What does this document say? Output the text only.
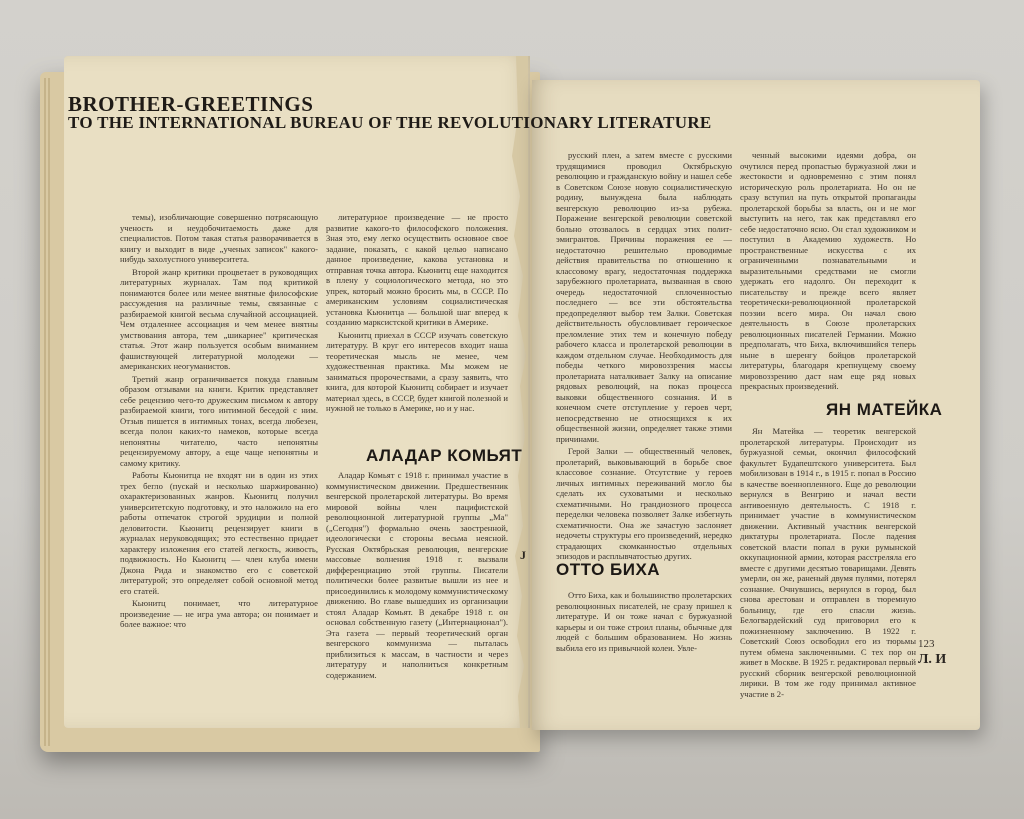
BROTHER-GREETINGS
TO THE INTERNATIONAL BUREAU OF THE REVOLUTIONARY LITERATURE

темы), изобличающие совершенно потрясающую ученость и неудобочитаемость даже для специалистов. Потом такая статья разворачивается в книгу и выходит в виде „ученых записок" какого-нибудь захолустного университета.

Второй жанр критики процветает в руководящих литературных журналах. Там под критикой понимаются более или менее внятные философские рассуждения на различные темы, связанные с разбираемой книгой весьма случайной ассоциацией. Чем отдаленнее ассоциация и чем менее внятны умствования автора, тем „шикарнее" критическая статья. Этот жанр пользуется особым вниманием фашиствующей литературной молодежи — американских неогуманистов.

Третий жанр ограничивается покуда главным образом отзывами на книги. Критик представляет себе рецензию чего-то дружеским письмом к автору разбираемой книги, того интимной беседой с ним. Отзыв пишется в интимных тонах, всегда любезен, всегда полон каких-то намеков, которые всегда непонятны читателю, часто непонятны рецензируемому автору, а еще чаще непонятны и самому критику.

Работы Кьюнитца не входят ни в один из этих трех бегло (пускай и несколько шаржированно) охарактеризованных жанров. Кьюнитц получил университетскую подготовку, и это наложило на его работы отпечаток строгой эрудиции и полной деловитости. Кьюнитц рецензирует книги в журналах неруководящих; это естественно придает характеру изложения его статей легкость, живость, подвижность. Но Кьюнитц — член клуба имени Джона Рида и знакомство его с советской литературой; это определяет собой основной метод его статей.

Кьюнитц понимает, что литературное произведение — не игра ума автора; он понимает и более важное: что

литературное произведение — не просто развитие какого-то философского положения. Зная это, ему легко осуществить основное свое задание, показать, с какой целью написано данное произведение, какова установка и отправная точка автора. Кьюнитц еще находится в плену у социологического метода, но это упрек, который можно бросить мы, в СССР. По американским условиям социалистическая установка Кьюнитца — большой шаг вперед к созданию марксистской критики в Америке.

Кьюнитц приехал в СССР изучать советскую литературу. В круг его интересов входит наша теоретическая мысль не менее, чем художественная практика. Мы можем не заниматься пророчествами, а сразу заявить, что книга, для которой Кьюнитц собирает и изучает материал здесь, в СССР, будет книгой полезной и нужной не только в Америке, но и у нас.

АЛАДАР КОМЬЯТ

Аладар Комьят с 1918 г. принимал участие в коммунистическом движении. Предшественник венгерской пролетарской литературы. Во время мировой войны член пацифистской революционной литературной группы „Ма" („Сегодня") формально очень заостренной, идеологически с стороны весьма неясной. Русская Октябрьская революция, венгерские массовые волнения 1918 г. вызвали дифференциацию этой группы. Писатели политически более развитые вышли из нее и присоединились к молодому коммунистическому движению. Во главе вышедших из организации стоял Аладар Комьят. В декабре 1918 г. он основал собственную газету („Интернационал"). Эта газета — первый теоретический орган венгерского коммунизма — пыталась приблизиться к массам, в частности и через литературу и наполниться конкретным содержанием.

русский плен, а затем вместе с русскими трудящимися проводил Октябрьскую революцию и гражданскую войну и нашел себе в Советском Союзе новую социалистическую родину, вынуждена была наблюдать венгерскую революцию из-за рубежа. Поражение венгерской революции советской больно отозвалось в сердцах этих полит-эмигрантов. Причины поражения ее — недостаточно решительно проводимые действия правительства по отношению к классовому врагу, недостаточная поддержка зарубежного пролетариата, вызванная в свою очередь недостаточной сплоченностью последнего — все эти обстоятельства предопределяют выбор тем Залки. Советская действительность обусловливает героическое преломление этих тем и конечную победу рабочего класса и пролетарской революции в каждом отдельном случае. Необходимость для победы четкого мировоззрения массы пролетариата наталкивает Залку на описание рядовых революций, на показ процесса выковки общественного сознания. И в конечном счете отступление у героев черт, непосредственно не относящихся к их общественной жизни, определяет также этими причинами.

Герой Залки — общественный человек, пролетарий, выковывающий в борьбе свое классовое сознание. Отсутствие у героев личных интимных переживаний могло бы сделать их суховатыми и несколько схематичными. Но грандиозного процесса переделки человека позволяет Залке избегнуть схематичности. Она же зачастую заслоняет недочеты структуры его произведений, нередко страдающих скомканностью отдельных эпизодов и расплывчатостью других.

ОТТО БИХА

Отто Биха, как и большинство пролетарских революционных писателей, не сразу пришел к литературе. И он тоже начал с буржуазной карьеры и он тоже строил планы, обычные для людей с большим образованием. Но жизнь выбила его из привычной колеи. Увле-

ченный высокими идеями добра, он очутился перед пропастью буржуазной лжи и жестокости и одновременно с этим понял историческую роль пролетариата. Но он не сразу вступил на путь открытой пропаганды пролетарской борьбы за власть, он и не мог выступить на него, так как представлял его себе недостаточно ясно. Он стал художником и поступил в Академию художеств. Но пространственные искусства с их ограниченными познавательными и выразительными средствами не смогли удержать его надолго. Он переходит к писательству и прежде всего являет теоретически-революционной пролетарской поэзии всего мира. Он начал свою деятельность в Союзе пролетарских революционных писателей Германии. Можно предполагать, что Биха, включившийся теперь ныне в шеренгу бойцов пролетарской литературы, благодаря крепнущему своему мировоззрению даст нам еще ряд новых прекрасных произведений.

ЯН МАТЕЙКА

Ян Матейка — теоретик венгерской пролетарской литературы. Происходит из буржуазной семьи, окончил философский факультет Будапештского университета. Был мобилизован в 1914 г., в 1915 г. попал в Россию в качестве военнопленного. Еще до революции вернулся в Венгрию и начал вести антивоенную деятельность. С 1918 г. принимает участие в коммунистическом движении. Активный участник венгерской диктатуры пролетариата. После падения советской власти попал в руки румынской оккупационной армии, которая расстреляла его вместе с другими десятью товарищами. Девять умерли, он же, раненый двумя пулями, потерял сознание. Очнувшись, вернулся в город, был снова арестован и отправлен в тюремную больницу, где его спасли жизнь. Белогвардейский суд приговорил его к пожизненному заключению. В 1922 г. Советский Союз освободил его из тюрьмы путем обмена заключенными. С тех пор он живет в Москве. В 1925 г. редактировал первый русский сборник венгерской революционной лирики. В том же году принимал активное участие в 2-

123
Л. И
Ј
